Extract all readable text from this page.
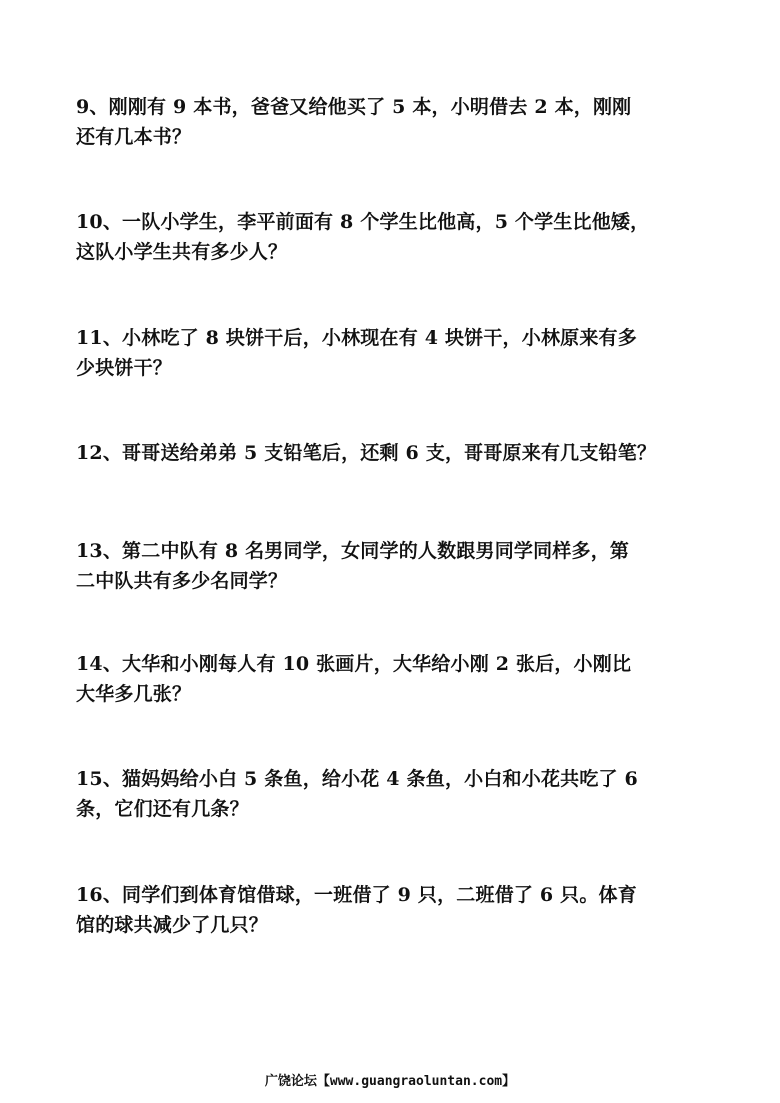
9、刚刚有 9 本书，爸爸又给他买了 5 本，小明借去 2 本，刚刚
还有几本书？
10、一队小学生，李平前面有 8 个学生比他高，5 个学生比他矮，
这队小学生共有多少人？
11、小林吃了 8 块饼干后，小林现在有 4 块饼干，小林原来有多
少块饼干？
12、哥哥送给弟弟 5 支铅笔后，还剩 6 支，哥哥原来有几支铅笔？
13、第二中队有 8 名男同学，女同学的人数跟男同学同样多，第
二中队共有多少名同学？
14、大华和小刚每人有 10 张画片，大华给小刚 2 张后，小刚比
大华多几张？
15、猫妈妈给小白 5 条鱼，给小花 4 条鱼，小白和小花共吃了 6
条，它们还有几条？
16、同学们到体育馆借球，一班借了 9 只，二班借了 6 只。体育
馆的球共减少了几只？
广饶论坛【www.guangraoluntan.com】
